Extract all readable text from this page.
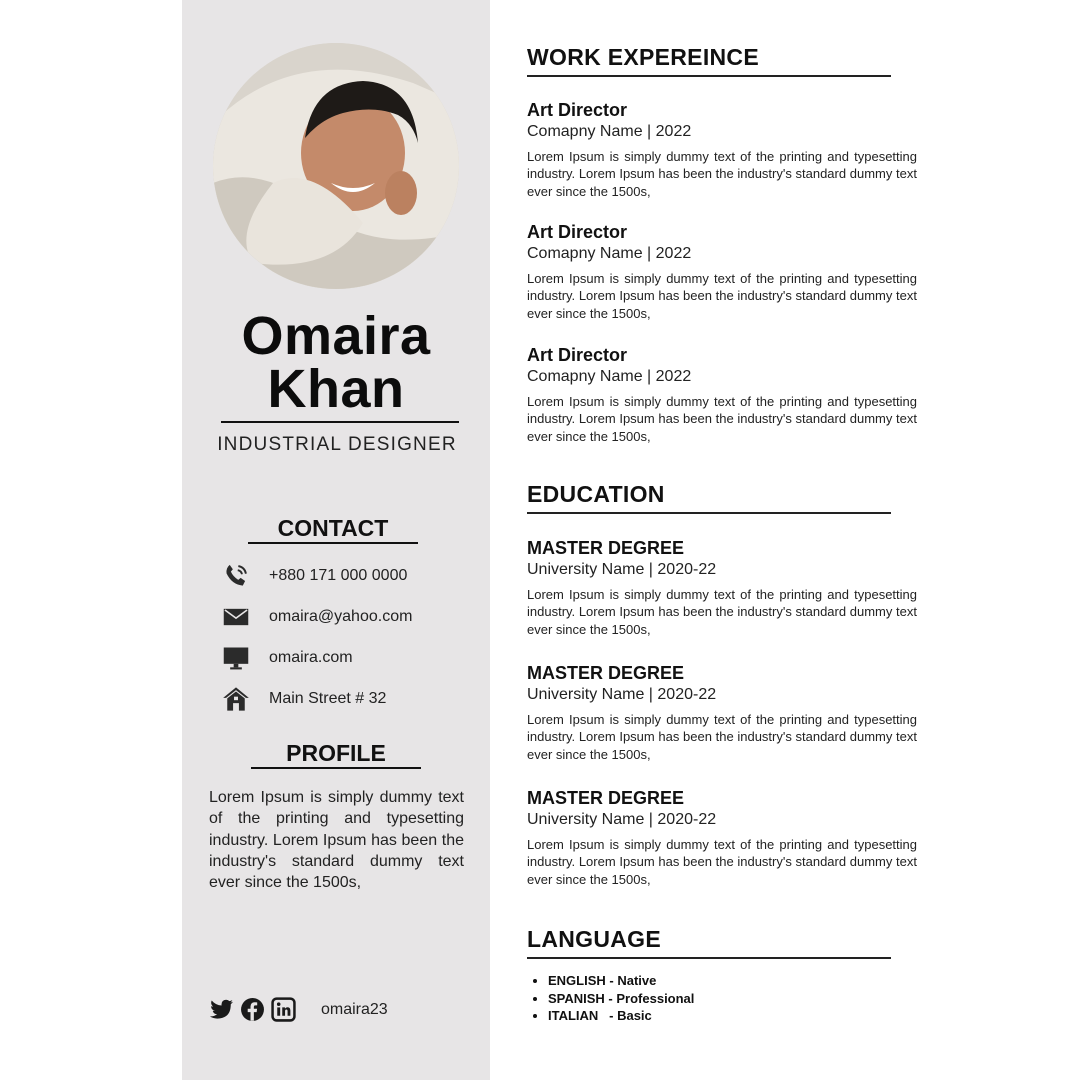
Omaira
Khan
INDUSTRIAL DESIGNER
CONTACT
+880 171 000 0000
omaira@yahoo.com
omaira.com
Main Street # 32
PROFILE
Lorem Ipsum is simply dummy text of the printing and typesetting industry. Lorem Ipsum has been the industry's standard dummy text ever since the 1500s,
omaira23
WORK EXPEREINCE
Art Director
Comapny Name | 2022
Lorem Ipsum is simply dummy text of the printing and typesetting industry. Lorem Ipsum has been the industry's standard dummy text ever since the 1500s,
Art Director
Comapny Name | 2022
Lorem Ipsum is simply dummy text of the printing and typesetting industry. Lorem Ipsum has been the industry's standard dummy text ever since the 1500s,
Art Director
Comapny Name | 2022
Lorem Ipsum is simply dummy text of the printing and typesetting industry. Lorem Ipsum has been the industry's standard dummy text ever since the 1500s,
EDUCATION
MASTER DEGREE
University Name | 2020-22
Lorem Ipsum is simply dummy text of the printing and typesetting industry. Lorem Ipsum has been the industry's standard dummy text ever since the 1500s,
MASTER DEGREE
University Name | 2020-22
Lorem Ipsum is simply dummy text of the printing and typesetting industry. Lorem Ipsum has been the industry's standard dummy text ever since the 1500s,
MASTER DEGREE
University Name | 2020-22
Lorem Ipsum is simply dummy text of the printing and typesetting industry. Lorem Ipsum has been the industry's standard dummy text ever since the 1500s,
LANGUAGE
• ENGLISH - Native
• SPANISH - Professional
• ITALIAN   - Basic
